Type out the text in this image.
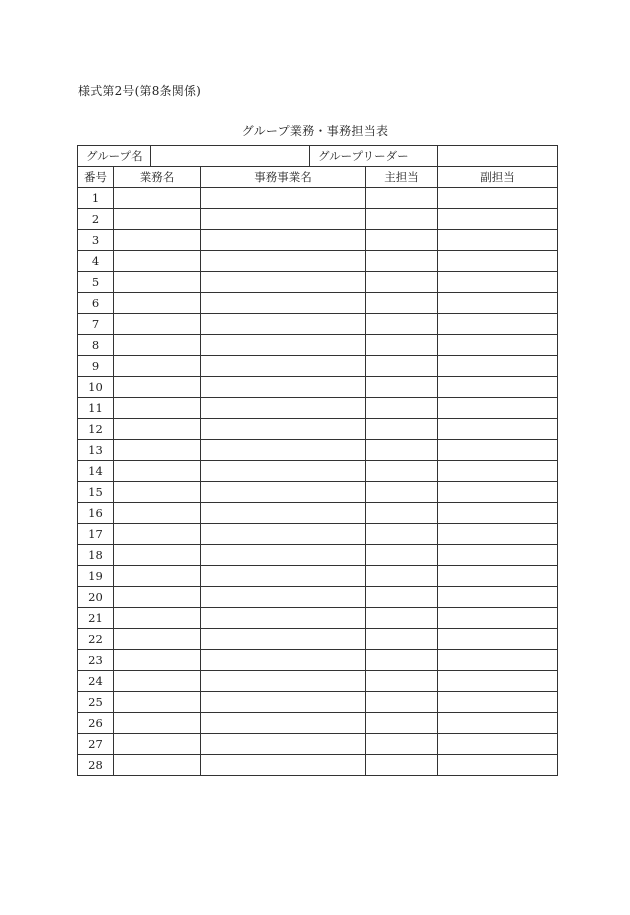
様式第2号(第8条関係)
グループ業務・事務担当表
グループ名				グループリーダー		
番号	業務名		事務事業名		主担当	副担当
1						
2						
3						
4						
5						
6						
7						
8						
9						
10						
11						
12						
13						
14						
15						
16						
17						
18						
19						
20						
21						
22						
23						
24						
25						
26						
27						
28						
